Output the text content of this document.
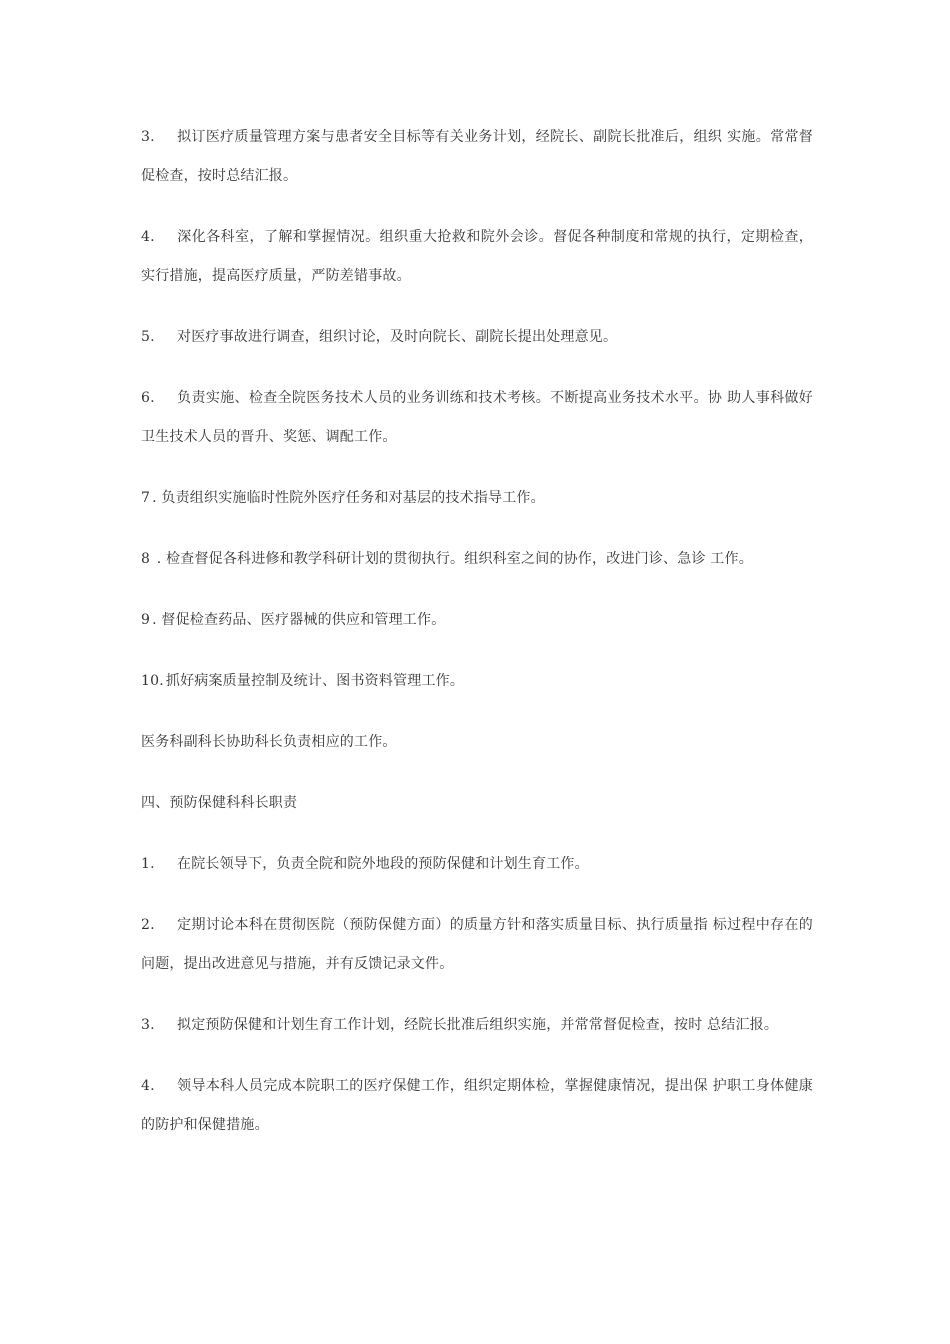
3. 拟订医疗质量管理方案与患者安全目标等有关业务计划，经院长、副院长批准后，组织 实施。常常督促检查，按时总结汇报。

4. 深化各科室，了解和掌握情况。组织重大抢救和院外会诊。督促各种制度和常规的执行，定期检查，实行措施，提高医疗质量，严防差错事故。

5. 对医疗事故进行调查，组织讨论，及时向院长、副院长提出处理意见。

6. 负责实施、检查全院医务技术人员的业务训练和技术考核。不断提高业务技术水平。协 助人事科做好卫生技术人员的晋升、奖惩、调配工作。

7 . 负责组织实施临时性院外医疗任务和对基层的技术指导工作。

8 . 检查督促各科进修和教学科研计划的贯彻执行。组织科室之间的协作，改进门诊、急诊 工作。

9 . 督促检查药品、医疗器械的供应和管理工作。

10. 抓好病案质量控制及统计、图书资料管理工作。

医务科副科长协助科长负责相应的工作。

四、预防保健科科长职责

1. 在院长领导下，负责全院和院外地段的预防保健和计划生育工作。

2. 定期讨论本科在贯彻医院（预防保健方面）的质量方针和落实质量目标、执行质量指 标过程中存在的问题，提出改进意见与措施，并有反馈记录文件。

3. 拟定预防保健和计划生育工作计划，经院长批准后组织实施，并常常督促检查，按时 总结汇报。

4. 领导本科人员完成本院职工的医疗保健工作，组织定期体检，掌握健康情况，提出保 护职工身体健康的防护和保健措施。
